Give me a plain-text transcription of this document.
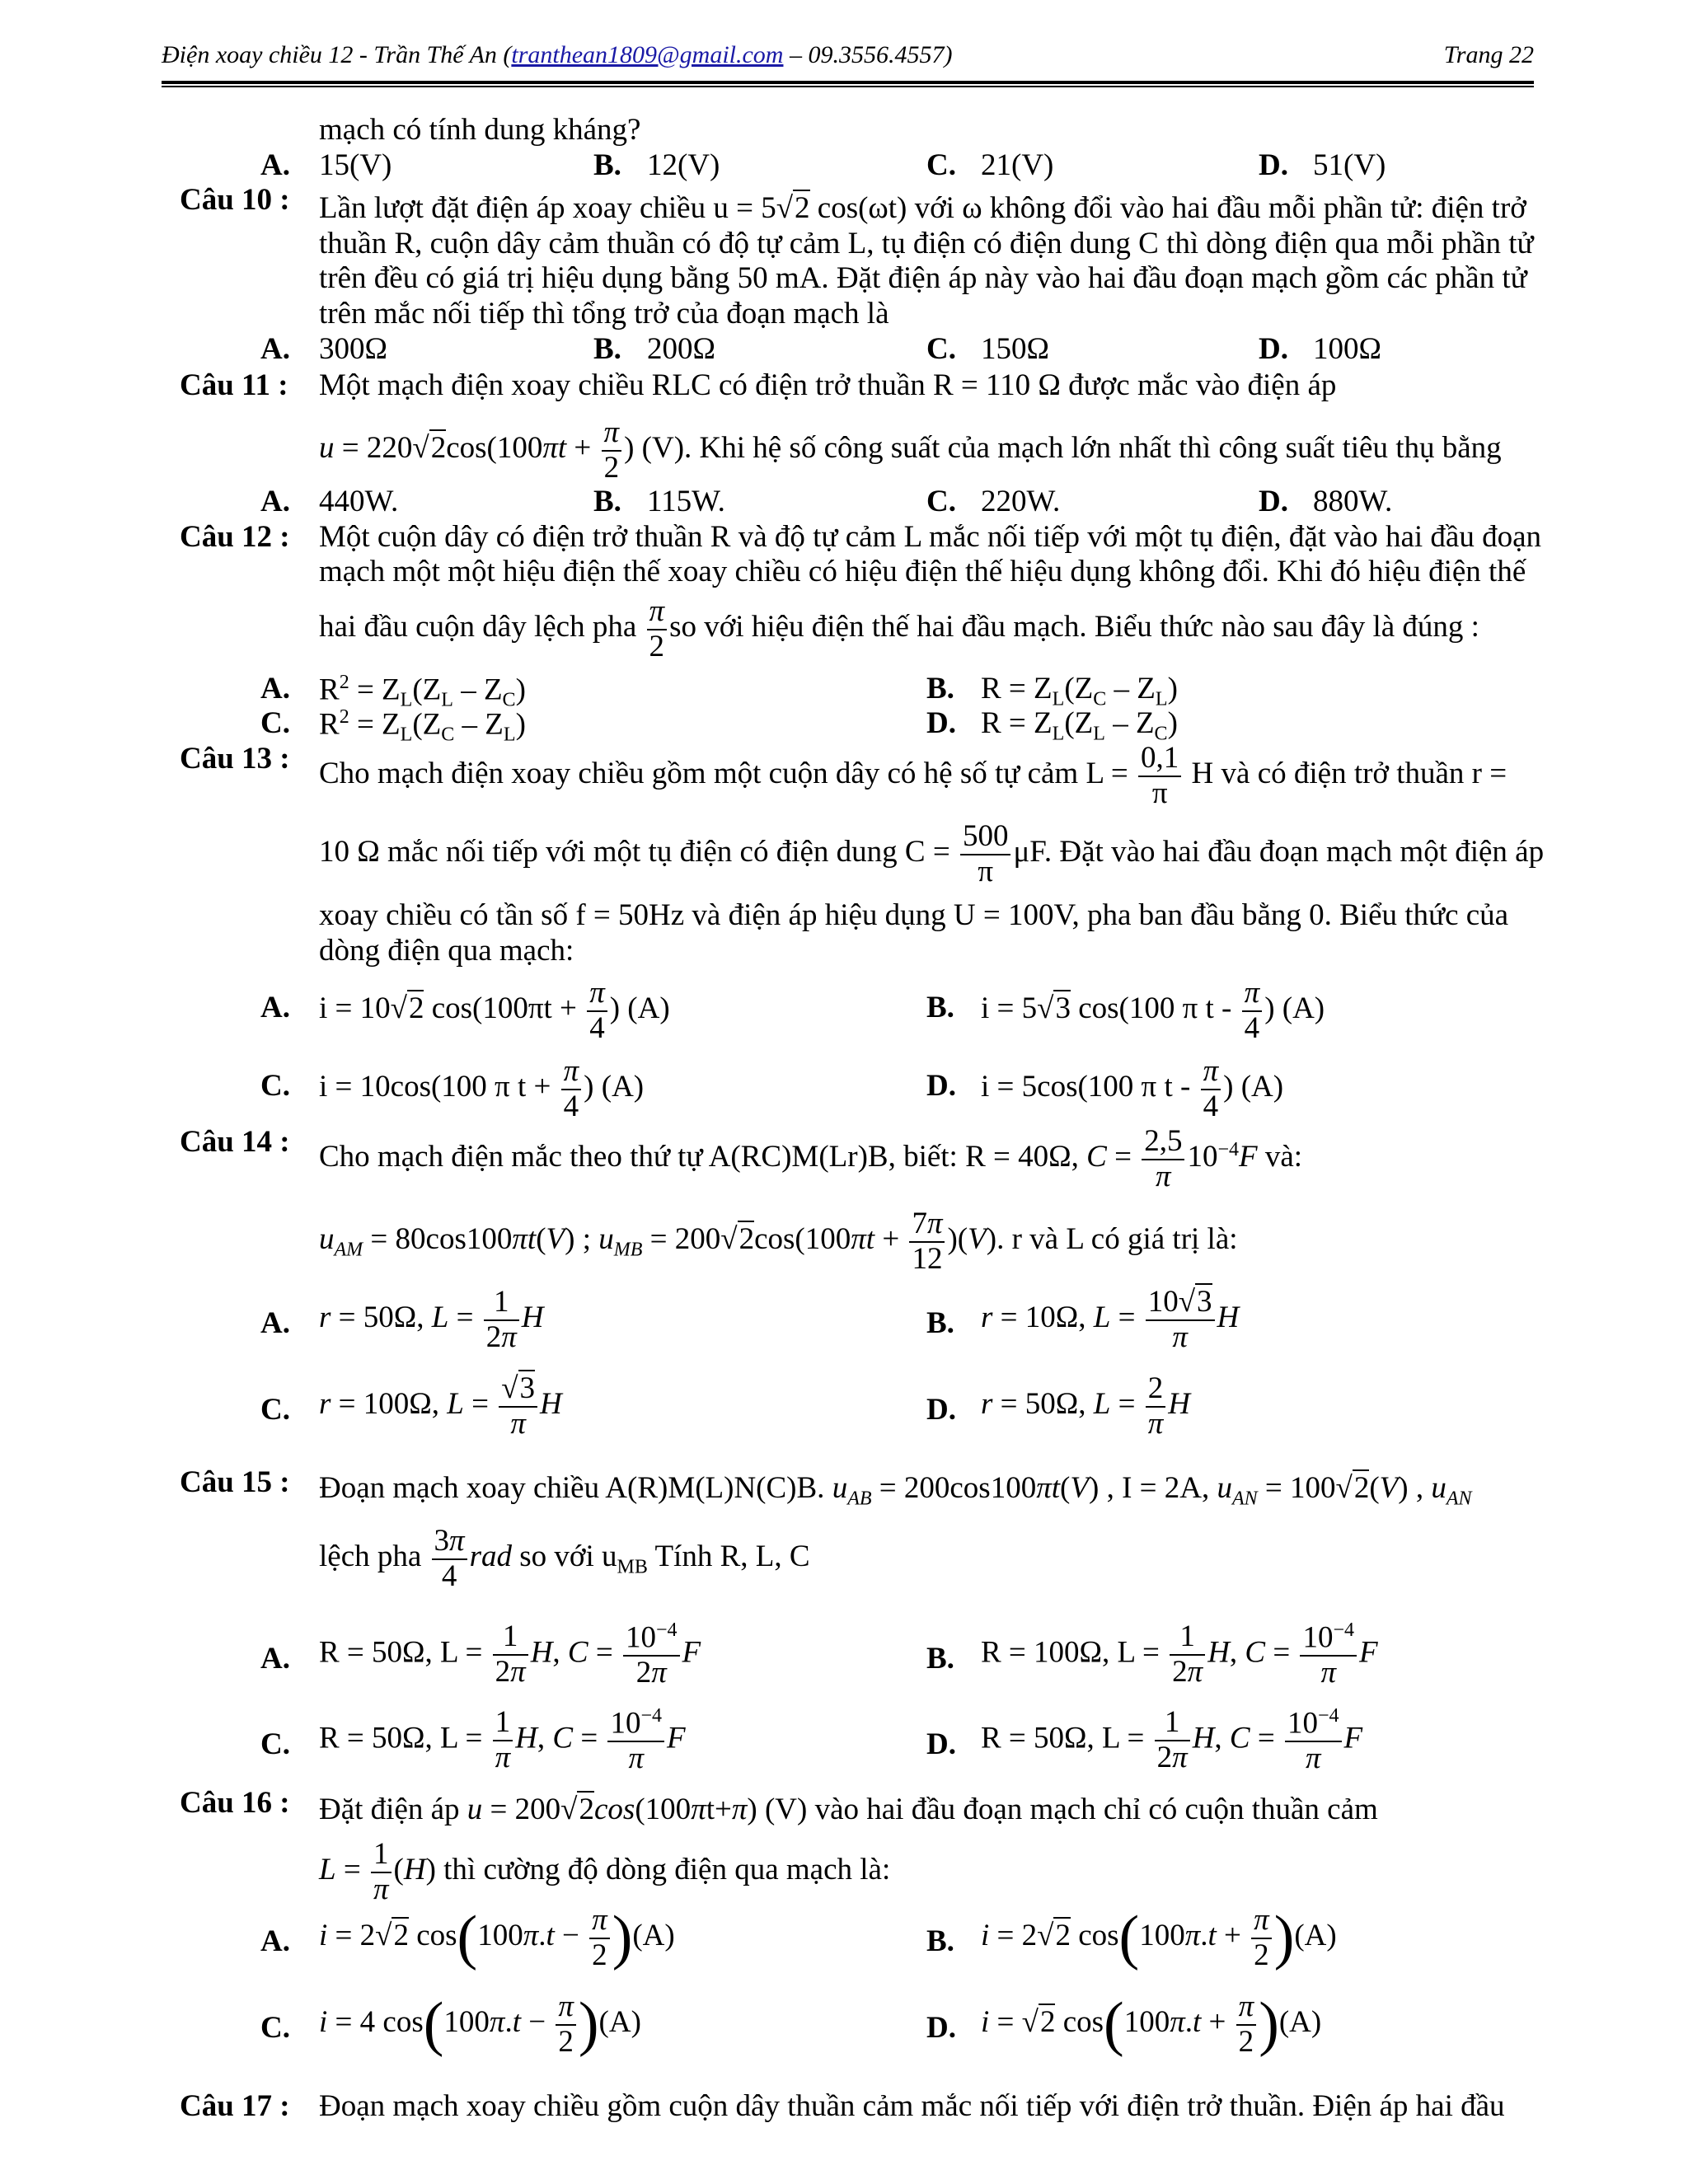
Điện xoay chiều 12 - Trần Thế An (tranthean1809@gmail.com – 09.3556.4557)	Trang 22
mạch có tính dung kháng?
A. 15(V)	B. 12(V)	C. 21(V)	D. 51(V)
Câu 10 : Lần lượt đặt điện áp xoay chiều u = 5√2 cos(ωt) với ω không đổi vào hai đầu mỗi phần tử: điện trở
thuần R, cuộn dây cảm thuần có độ tự cảm L, tụ điện có điện dung C thì dòng điện qua mỗi phần tử
trên đều có giá trị hiệu dụng bằng 50 mA. Đặt điện áp này vào hai đầu đoạn mạch gồm các phần tử
trên mắc nối tiếp thì tổng trở của đoạn mạch là
A. 300Ω	B. 200Ω	C. 150Ω	D. 100Ω
Câu 11 : Một mạch điện xoay chiều RLC có điện trở thuần R = 110 Ω được mắc vào điện áp
$u = 220√2\cos(100\pi t + \frac{\pi}{2}$ ) (V). Khi hệ số công suất của mạch lớn nhất thì công suất tiêu thụ bằng
A. 440W.	B. 115W.	C. 220W.	D. 880W.
Câu 12 : Một cuộn dây có điện trở thuần R và độ tự cảm L mắc nối tiếp với một tụ điện, đặt vào hai đầu đoạn
mạch một một hiệu điện thế xoay chiều có hiệu điện thế hiệu dụng không đổi. Khi đó hiệu điện thế
hai đầu cuộn dây lệch pha $\frac{\pi}{2}$ so với hiệu điện thế hai đầu mạch. Biểu thức nào sau đây là đúng :
A. $R^2 = Z_L(Z_L - Z_C)$	B. $R = Z_L(Z_C - Z_L)$
C. $R^2 = Z_L(Z_C - Z_L)$	D. $R = Z_L(Z_L - Z_C)$
Câu 13 : Cho mạch điện xoay chiều gồm một cuộn dây có hệ số tự cảm $L = \frac{0,1}{\pi}$ H và có điện trở thuần r =
10 Ω mắc nối tiếp với một tụ điện có điện dung $C = \frac{500}{\pi} \mu F$. Đặt vào hai đầu đoạn mạch một điện áp
xoay chiều có tần số f = 50Hz và điện áp hiệu dụng U = 100V, pha ban đầu bằng 0. Biểu thức của
dòng điện qua mạch:
A. i = 10√2 $\cos(100\pi t + \frac{\pi}{4}$ ) (A)	B. i = 5√3 cos(100 π t - $\frac{\pi}{4}$ ) (A)
C. i = 10cos(100 π $t + \frac{\pi}{4}$ ) (A)	D. i = 5cos(100 π t - $\frac{\pi}{4}$ ) (A)
Câu 14 : Cho mạch điện mắc theo thứ tự A(RC)M(Lr)B, biết: R = 40Ω, $C = \frac{2,5}{\pi} 10^{-4}F$ và:
$u_{AM} = 80\cos 100\pi t(V)$ ; $u_{MB} = 200√2\cos(100\pi t + \frac{7\pi}{12} )(V)$. r và L có giá trị là:
A. r = 50Ω, $L = \frac{1}{2\pi}$ H	B. r = 10Ω, $L = \frac{10√3}{\pi}$ H
C. r = 100Ω, $L = \frac{√3}{\pi}$ H	D. r = 50Ω, $L = \frac{2}{\pi}$ H
Câu 15 : Đoạn mạch xoay chiều A(R)M(L)N(C)B. $u_{AB} = 200\cos 100\pi t(V)$ , I = 2A, $u_{AN} = 100√2(V)$ , $u_{AN}$
lệch pha $\frac{3\pi}{4}$ rad so với $u_{MB}$ Tính R, L, C
A. R = 50Ω, $L = \frac{1}{2\pi} H$, $C = \frac{10^{-4}}{2\pi}$ F	B. R = 100Ω, $L = \frac{1}{2\pi} H$, $C = \frac{10^{-4}}{\pi}$ F
C. R = 50Ω, $L = \frac{1}{\pi} H$, $C = \frac{10^{-4}}{\pi}$ F	D. R = 50Ω, $L = \frac{1}{2\pi} H$, $C = \frac{10^{-4}}{\pi}$ F
Câu 16 : Đặt điện áp u = 200√2cos(100πt+π) (V) vào hai đầu đoạn mạch chỉ có cuộn thuần cảm
$L = \frac{1}{\pi} (H)$ thì cường độ dòng điện qua mạch là:
A. i = 2√2 $\cos(100\pi.t - \frac{\pi}{2} )(A)$	B. i = 2√2 $\cos(100\pi.t + \frac{\pi}{2} )(A)$
C. i = 4 $\cos(100\pi.t - \frac{\pi}{2} )(A)$	D. i = √2 $\cos(100\pi.t + \frac{\pi}{2} )(A)$
Câu 17 : Đoạn mạch xoay chiều gồm cuộn dây thuần cảm mắc nối tiếp với điện trở thuần. Điện áp hai đầu
